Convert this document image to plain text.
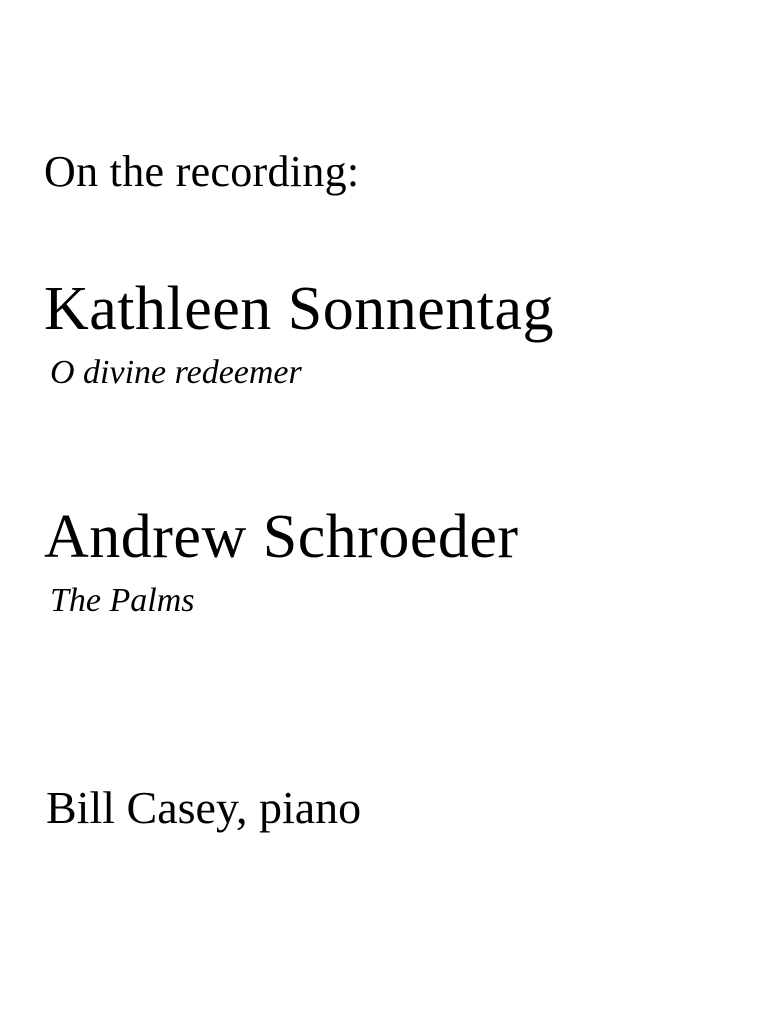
On the recording:
Kathleen Sonnentag
O divine redeemer
Andrew Schroeder
The Palms
Bill Casey, piano
